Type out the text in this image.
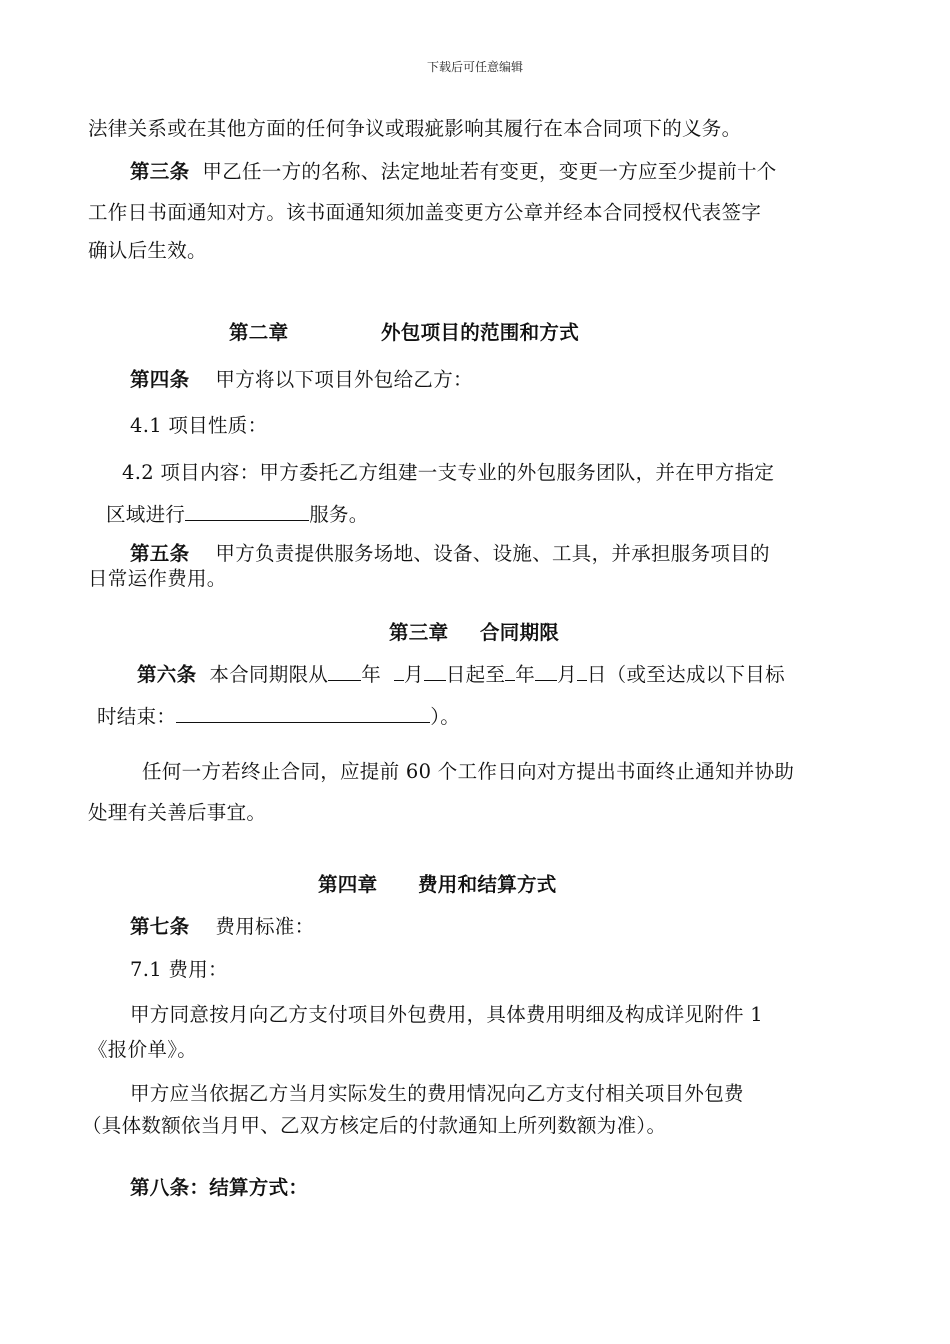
下载后可任意编辑
法律关系或在其他方面的任何争议或瑕疵影响其履行在本合同项下的义务。
第三条 甲乙任一方的名称、法定地址若有变更，变更一方应至少提前十个
工作日书面通知对方。该书面通知须加盖变更方公章并经本合同授权代表签字
确认后生效。
第二章	外包项目的范围和方式
第四条 甲方将以下项目外包给乙方：
4.1 项目性质：
4.2 项目内容：甲方委托乙方组建一支专业的外包服务团队，并在甲方指定
区域进行	服务。
第五条 甲方负责提供服务场地、设备、设施、工具，并承担服务项目的
日常运作费用。
第三章 合同期限
第六条 本合同期限从 年 月 日起至 年 月 日（或至达成以下目标
时结束：	）。
任何一方若终止合同，应提前 60 个工作日向对方提出书面终止通知并协助
处理有关善后事宜。
第四章 费用和结算方式
第七条 费用标准：
7.1 费用：
甲方同意按月向乙方支付项目外包费用，具体费用明细及构成详见附件 1
《报价单》。
甲方应当依据乙方当月实际发生的费用情况向乙方支付相关项目外包费
（具体数额依当月甲、乙双方核定后的付款通知上所列数额为准）。
第八条：结算方式：
